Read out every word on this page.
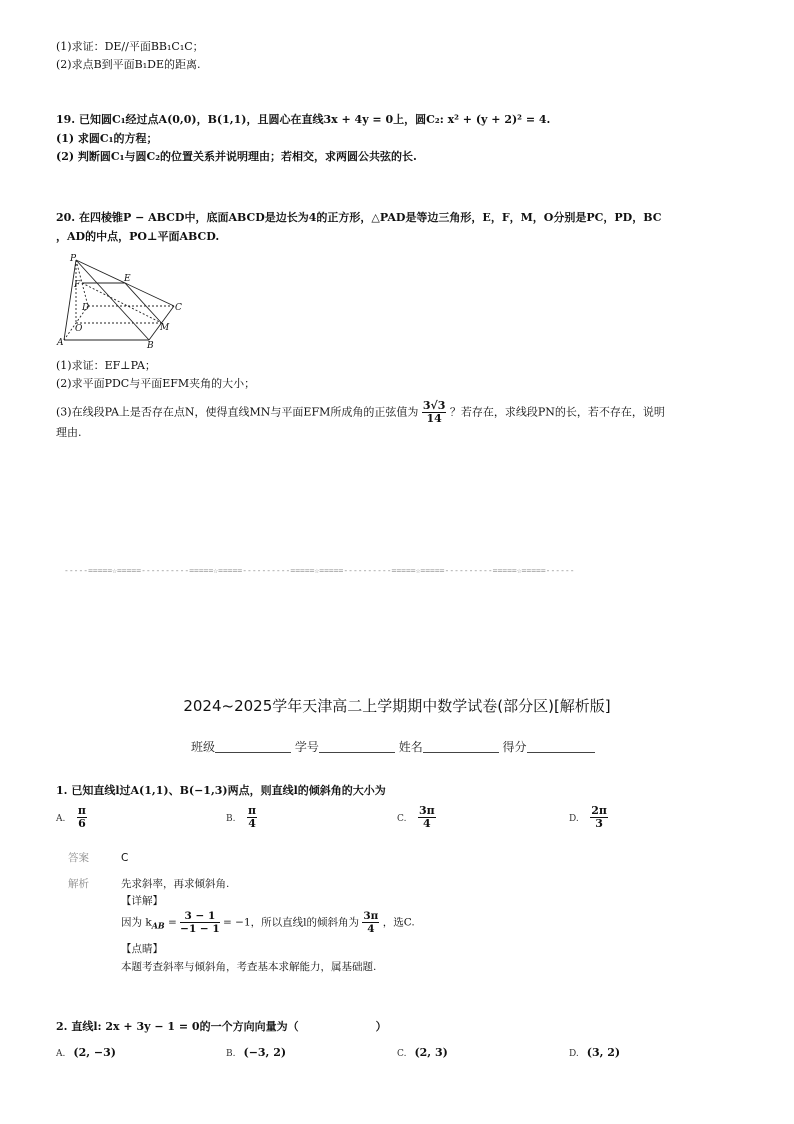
(1)求证：DE//平面BB₁C₁C；
(2)求点B到平面B₁DE的距离.
19. 已知圆C₁经过点A(0,0)，B(1,1)，且圆心在直线3x + 4y = 0上，圆C₂: x² + (y + 2)² = 4.
(1) 求圆C₁的方程；
(2) 判断圆C₁与圆C₂的位置关系并说明理由；若相交，求两圆公共弦的长.
20. 在四棱锥P − ABCD中，底面ABCD是边长为4的正方形，△PAD是等边三角形，E，F，M，O分别是PC，PD，BC
，AD的中点，PO⊥平面ABCD.
P
F
E
D	C
O	M
A	B
(1)求证：EF⊥PA；
(2)求平面PDC与平面EFM夹角的大小；
(3)在线段PA上是否存在点N，使得直线MN与平面EFM所成角的正弦值为 $\frac{3√3}{14}$ ？若存在，求线段PN的长，若不存在，说明
理由.
-----=====☆=====----------=====☆=====----------=====☆=====----------=====☆=====----------=====☆=====------
2024~2025学年天津高二上学期期中数学试卷(部分区)[解析版]
班级	学号	姓名	得分
1. 已知直线l过A(1,1)、B(−1,3)两点，则直线l的倾斜角的大小为
A. $\frac{\pi}{6}$	B. $\frac{\pi}{4}$	C. $\frac{3\pi}{4}$	D. $\frac{2\pi}{3}$
答案	C
解析	先求斜率，再求倾斜角.
【详解】
因为 $k_{AB} = \frac{3 - 1}{-1 - 1} = -1$，所以直线l的倾斜角为 $\frac{3\pi}{4}$ ，选C.
【点睛】
本题考查斜率与倾斜角，考查基本求解能力，属基础题.
2. 直线l: 2x + 3y − 1 = 0的一个方向向量为（　　　　　　　）
A. (2, −3)	B. (−3, 2)	C. (2, 3)	D. (3, 2)
